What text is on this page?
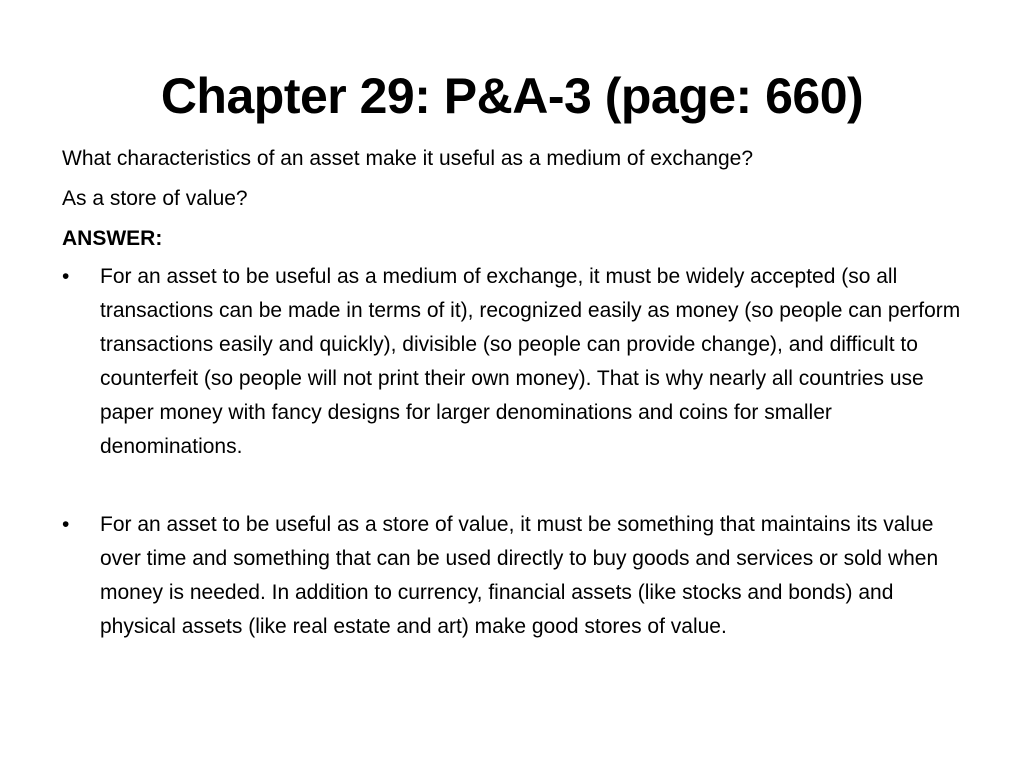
Chapter 29: P&A-3 (page: 660)

What characteristics of an asset make it useful as a medium of exchange?

As a store of value?

ANSWER:

•	For an asset to be useful as a medium of exchange, it must be widely accepted (so all transactions can be made in terms of it), recognized easily as money (so people can perform transactions easily and quickly), divisible (so people can provide change), and difficult to counterfeit (so people will not print their own money). That is why nearly all countries use paper money with fancy designs for larger denominations and coins for smaller denominations.
•	For an asset to be useful as a store of value, it must be something that maintains its value over time and something that can be used directly to buy goods and services or sold when money is needed. In addition to currency, financial assets (like stocks and bonds) and physical assets (like real estate and art) make good stores of value.
